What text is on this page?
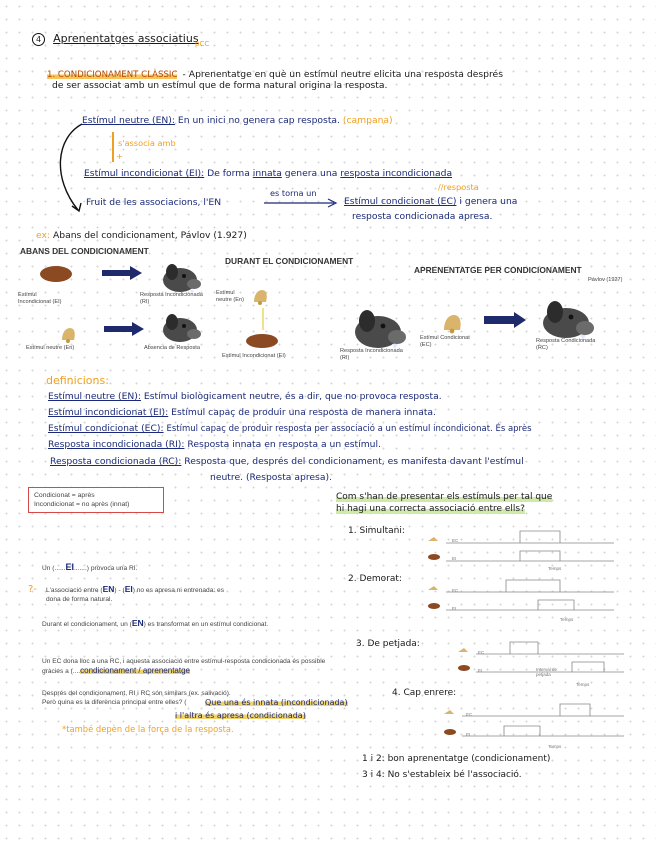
4 Aprenentatges associatius
pCC
1. CONDICIONAMENT CLÀSSIC - Aprenentatge en què un estímul neutre elicita una resposta després
de ser associat amb un estímul que de forma natural origina la resposta.
Estímul neutre (EN): En un inici no genera cap resposta. (campana)
s'associa amb
+
Estímul incondicionat (EI): De forma innata genera una resposta incondicionada
//resposta
Fruit de les associacions, l'EN
es torna un
Estímul condicionat (EC) i genera una
resposta condicionada apresa.
ex: Abans del condicionament, Pávlov (1.927)
ABANS DEL CONDICIONAMENT
DURANT EL CONDICIONAMENT
APRENENTATGE PER CONDICIONAMENT
Pávlov (1927)
Estímul Incondicionat (EI)
Resposta Incondicionada (RI)
Estímul neutre (En)	Absencia de Resposta
Estímul neutre (En)
Estímul Incondicionat (EI)
Resposta Incondicionada (RI)
Estímul Condicionat (EC)
Resposta Condicionada (RC)
definicions:
Estímul neutre (EN): Estímul biològicament neutre, és a dir, que no provoca resposta.
Estímul incondicionat (EI): Estímul capaç de produir una resposta de manera innata.
Estímul condicionat (EC): Estímul capaç de produir resposta per associació a un estímul incondicionat. És après
Resposta incondicionada (RI): Resposta innata en resposta a un estímul.
Resposta condicionada (RC): Resposta que, després del condicionament, es manifesta davant l'estímul
neutre. (Resposta apresa).
Condicionat = après
Incondicionat = no après (innat)
Un (......EI.......) provoca una RI.
?- L'associació entre (EN) - (EI) no es apresa ni entrenada: es dona de forma natural.
Durant el condicionament, un (EN) es transformat en un estímul condicionat.
Un EC dona lloc a una RC, i aquesta associació entre estímul-resposta condicionada és possible gràcies a (....condicionament / aprenentatge
Després del condicionament, RI i RC són similars (ex. salivació). Però quina es la diferència principal entre elles? (	Que una és innata (incondicionada)
i l'altra és apresa (condicionada)
*també depèn de la força de la resposta.
Com s'han de presentar els estímuls per tal que
hi hagi una correcta associació entre ells?
1. Simultani:
EC
EI
Temps
2. Demorat:
EC
EI
Temps
3. De petjada:
EC
EI	Interval de petjada
Temps
4. Cap enrere:
EC
EI
Temps
1 i 2: bon aprenentatge (condicionament)
3 i 4: No s'estableix bé l'associació.
